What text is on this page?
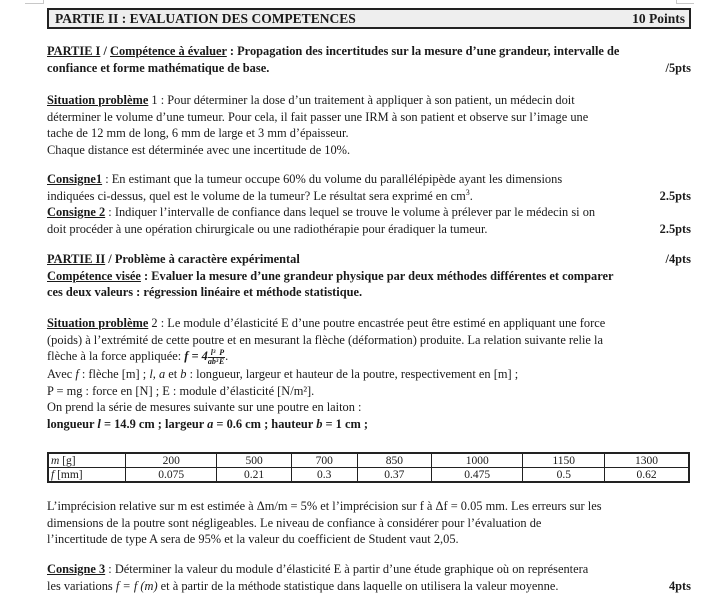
PARTIE II : EVALUATION DES COMPETENCES	10 Points
PARTIE I / Compétence à évaluer : Propagation des incertitudes sur la mesure d’une grandeur, intervalle de
confiance et forme mathématique de base.	/5pts
Situation problème 1 : Pour déterminer la dose d’un traitement à appliquer à son patient, un médecin doit
déterminer le volume d’une tumeur. Pour cela, il fait passer une IRM à son patient et observe sur l’image une
tache de 12 mm de long, 6 mm de large et 3 mm d’épaisseur.
Chaque distance est déterminée avec une incertitude de 10%.
Consigne1 : En estimant que la tumeur occupe 60% du volume du parallélépipède ayant les dimensions
indiquées ci-dessus, quel est le volume de la tumeur? Le résultat sera exprimé en $cm^3$.	2.5pts
Consigne 2 : Indiquer l’intervalle de confiance dans lequel se trouve le volume à prélever par le médecin si on
doit procéder à une opération chirurgicale ou une radiothérapie pour éradiquer la tumeur.	2.5pts
PARTIE II / Problème à caractère expérimental	/4pts
Compétence visée : Evaluer la mesure d’une grandeur physique par deux méthodes différentes et comparer
ces deux valeurs : régression linéaire et méthode statistique.
Situation problème 2 : Le module d’élasticité E d’une poutre encastrée peut être estimé en appliquant une force
(poids) à l’extrémité de cette poutre et en mesurant la flèche (déformation) produite. La relation suivante relie la
flèche à la force appliquée: $f = 4 \frac{\text{l³}}{\text{ab³}} \frac{P}{E}$ .
Avec f : flèche [m] ; l, a et b : longueur, largeur et hauteur de la poutre, respectivement en [m] ;
P = mg : force en [N] ; E : module d’élasticité [N/m²].
On prend la série de mesures suivante sur une poutre en laiton :
longueur l = 14.9 cm ; largeur a = 0.6 cm ; hauteur b = 1 cm ;
m [g]	200	500	700	850	1000	1150	1300
f [mm]	0.075	0.21	0.3	0.37	0.475	0.5	0.62
L’imprécision relative sur m est estimée à Δm/m = 5% et l’imprécision sur f à Δf = 0.05 mm. Les erreurs sur les
dimensions de la poutre sont négligeables. Le niveau de confiance à considérer pour l’évaluation de
l’incertitude de type A sera de 95% et la valeur du coefficient de Student vaut 2,05.
Consigne 3 : Déterminer la valeur du module d’élasticité E à partir d’une étude graphique où on représentera
les variations f = f (m) et à partir de la méthode statistique dans laquelle on utilisera la valeur moyenne.	4pts
